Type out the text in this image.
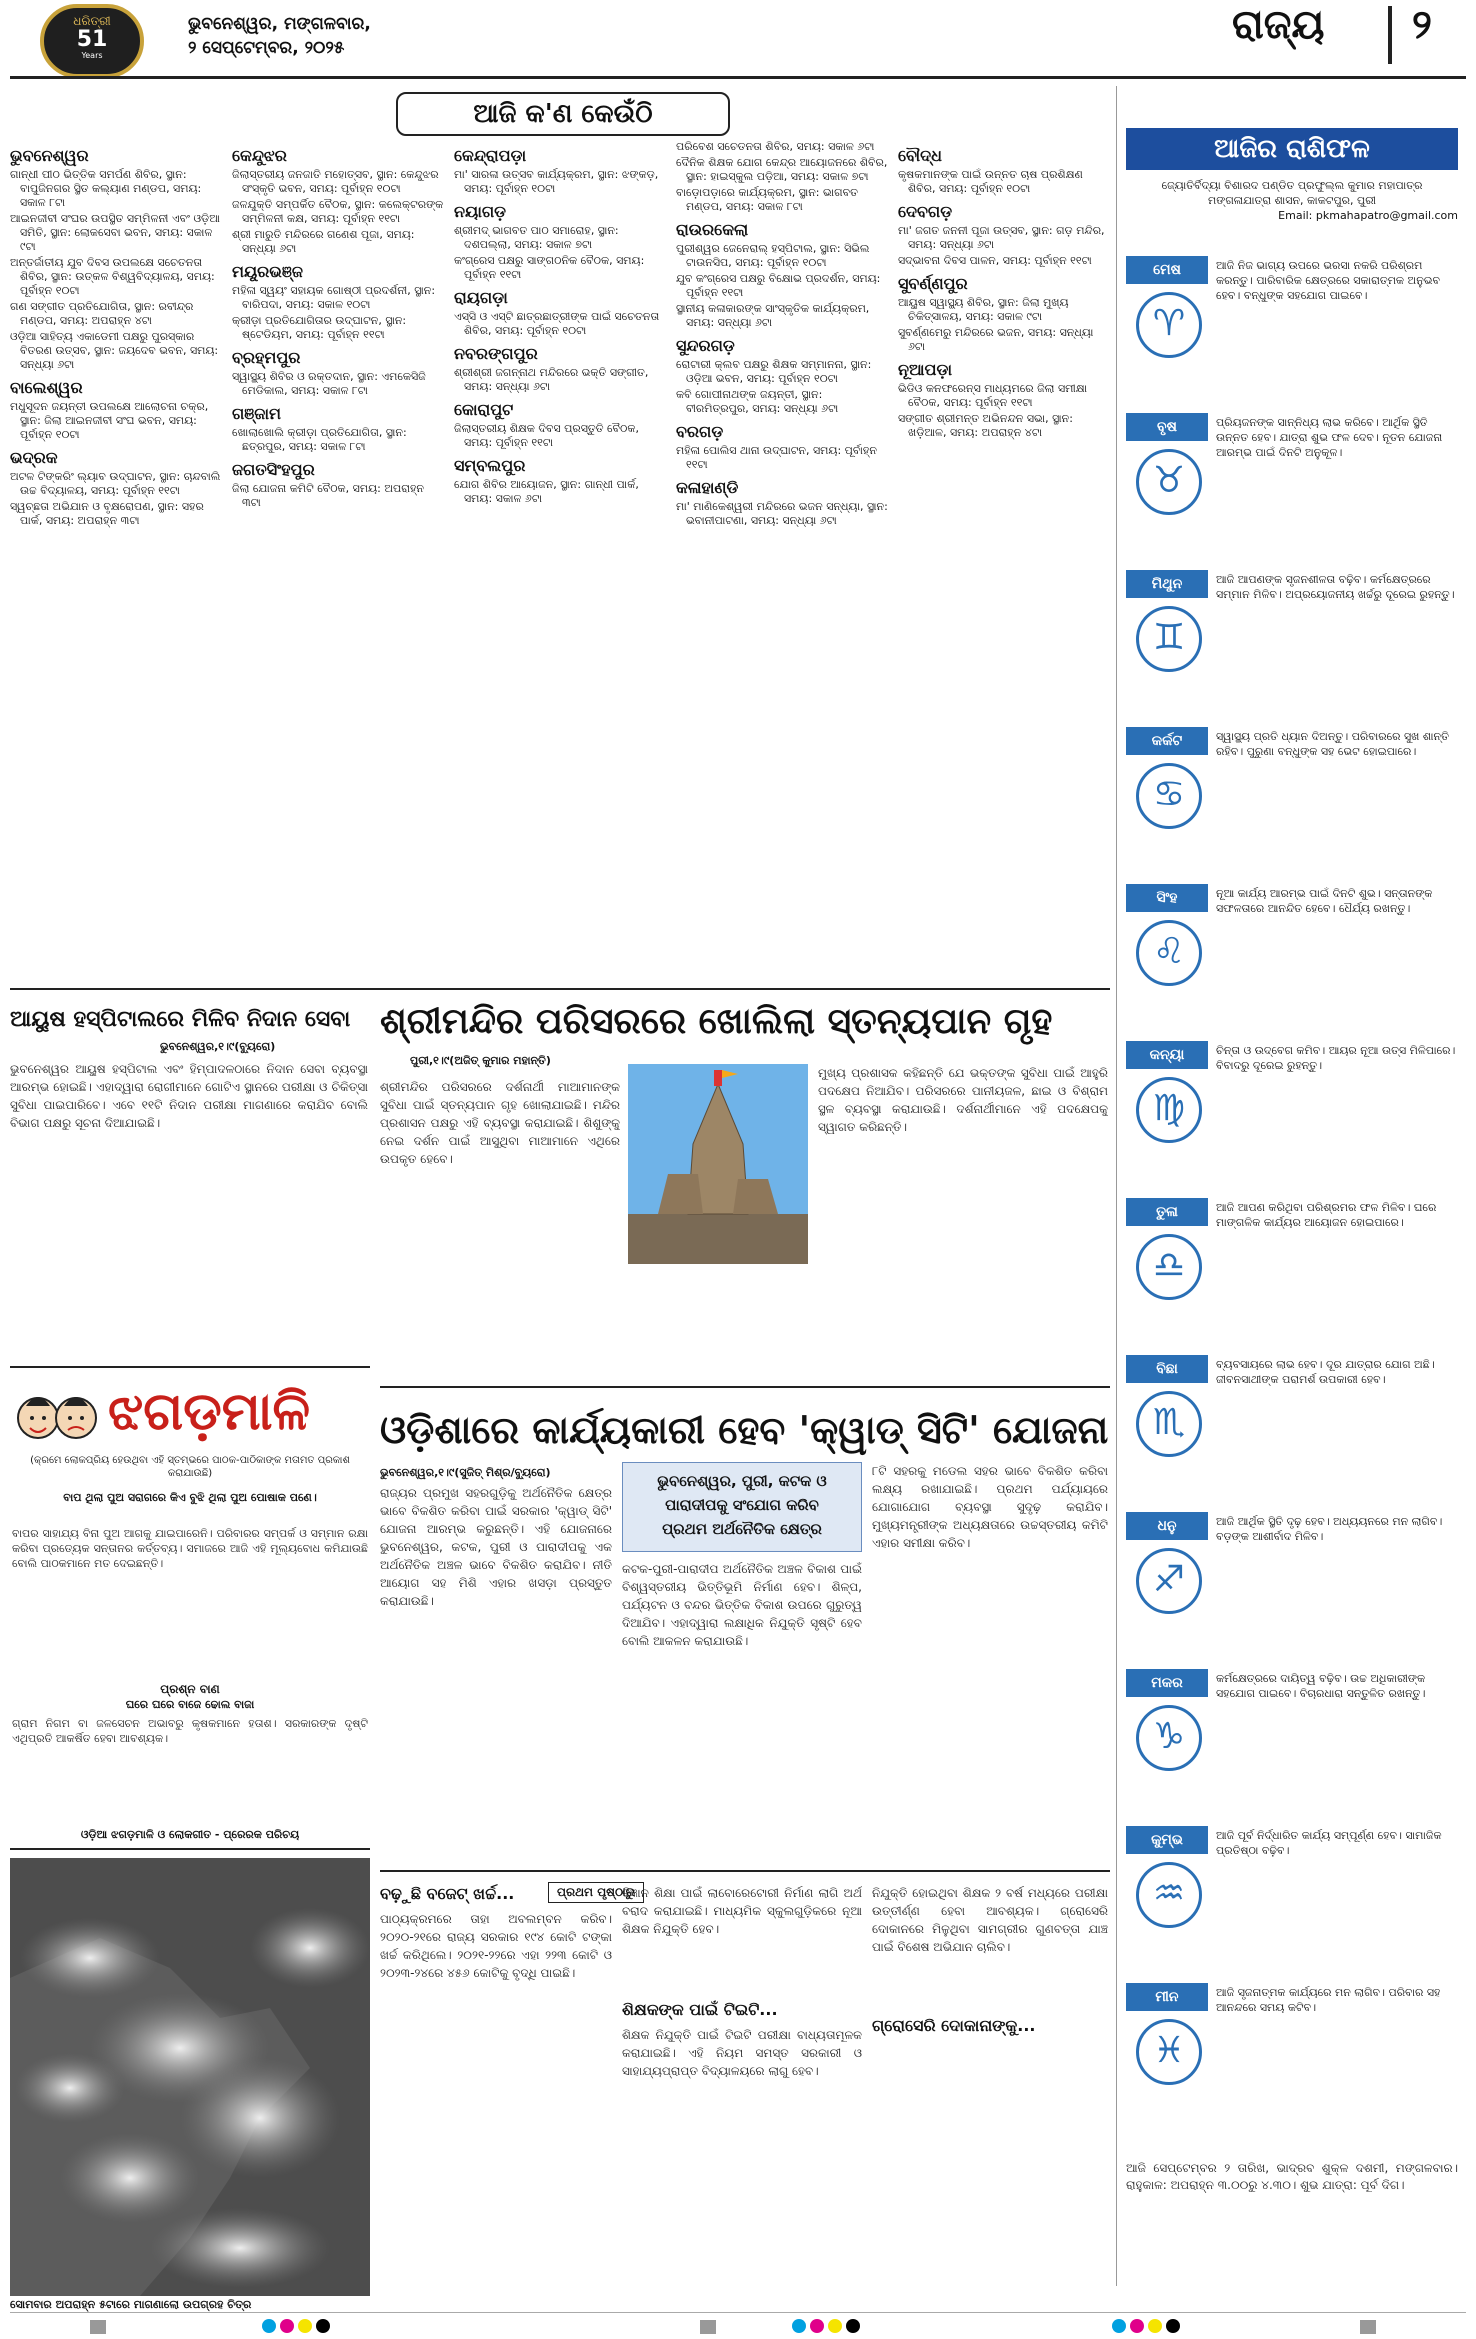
ଧରିତ୍ରୀ
51
Years
ଭୁବନେଶ୍ୱର, ମଙ୍ଗଳବାର,
୨ ସେପ୍ଟେମ୍ବର, ୨୦୨୫	ରାଜ୍ୟ ୨
ଆଜି କ'ଣ କେଉଁଠି
ଭୁବନେଶ୍ୱର
ଗାନ୍ଧୀ ପୀଠ ଭିତ୍ତିକ ସମର୍ପଣ ଶିବିର, ସ୍ଥାନ: ବାପୁଜିନଗର ସ୍ଥିତ କଲ୍ୟାଣ ମଣ୍ଡପ, ସମୟ: ସକାଳ ୮ଟା
ଆଇନଜୀବୀ ସଂଘର ଉପସ୍ଥିତ ସମ୍ମିଳନୀ ଏବଂ ଓଡ଼ିଆ ସମିତି, ସ୍ଥାନ: ଲୋକସେବା ଭବନ, ସମୟ: ସକାଳ ୯ଟା
ଅନ୍ତର୍ଜାତୀୟ ଯୁବ ଦିବସ ଉପଲକ୍ଷେ ସଚେତନତା ଶିବିର, ସ୍ଥାନ: ଉତ୍କଳ ବିଶ୍ୱବିଦ୍ୟାଳୟ, ସମୟ: ପୂର୍ବାହ୍ନ ୧୦ଟା
ଗଣ ସଙ୍ଗୀତ ପ୍ରତିଯୋଗିତା, ସ୍ଥାନ: ରବୀନ୍ଦ୍ର ମଣ୍ଡପ, ସମୟ: ଅପରାହ୍ନ ୪ଟା
ଓଡ଼ିଆ ସାହିତ୍ୟ ଏକାଡେମୀ ପକ୍ଷରୁ ପୁରସ୍କାର ବିତରଣ ଉତ୍ସବ, ସ୍ଥାନ: ଜୟଦେବ ଭବନ, ସମୟ: ସନ୍ଧ୍ୟା ୬ଟା
ବାଲେଶ୍ୱର
ମଧୁସୂଦନ ଜୟନ୍ତୀ ଉପଲକ୍ଷେ ଆଲୋଚନା ଚକ୍ର, ସ୍ଥାନ: ଜିଲା ଆଇନଜୀବୀ ସଂଘ ଭବନ, ସମୟ: ପୂର୍ବାହ୍ନ ୧୦ଟା
ଭଦ୍ରକ
ଅଟଳ ଟିଙ୍କରିଂ ଲ୍ୟାବ ଉଦ୍‌ଘାଟନ, ସ୍ଥାନ: ଚାନ୍ଦବାଲି ଉଚ୍ଚ ବିଦ୍ୟାଳୟ, ସମୟ: ପୂର୍ବାହ୍ନ ୧୧ଟା
ସ୍ୱଚ୍ଛତା ଅଭିଯାନ ଓ ବୃକ୍ଷରୋପଣ, ସ୍ଥାନ: ସହର ପାର୍କ, ସମୟ: ଅପରାହ୍ନ ୩ଟା
କେନ୍ଦୁଝର
ଜିଲାସ୍ତରୀୟ ଜନଜାତି ମହୋତ୍ସବ, ସ୍ଥାନ: କେନ୍ଦୁଝର ସଂସ୍କୃତି ଭବନ, ସମୟ: ପୂର୍ବାହ୍ନ ୧୦ଟା
ଜଳଯୁକ୍ତି ସମ୍ପର୍କିତ ବୈଠକ, ସ୍ଥାନ: କଲେକ୍ଟରଙ୍କ ସମ୍ମିଳନୀ କକ୍ଷ, ସମୟ: ପୂର୍ବାହ୍ନ ୧୧ଟା
ଶ୍ରୀ ମାରୁତି ମନ୍ଦିରରେ ଗଣେଶ ପୂଜା, ସମୟ: ସନ୍ଧ୍ୟା ୬ଟା
ମୟୂରଭଞ୍ଜ
ମହିଳା ସ୍ୱୟଂ ସହାୟକ ଗୋଷ୍ଠୀ ପ୍ରଦର୍ଶନୀ, ସ୍ଥାନ: ବାରିପଦା, ସମୟ: ସକାଳ ୧୦ଟା
କ୍ରୀଡ଼ା ପ୍ରତିଯୋଗିତାର ଉଦ୍‌ଘାଟନ, ସ୍ଥାନ: ଷ୍ଟେଡିୟମ, ସମୟ: ପୂର୍ବାହ୍ନ ୧୧ଟା
ବ୍ରହ୍ମପୁର
ସ୍ୱାସ୍ଥ୍ୟ ଶିବିର ଓ ରକ୍ତଦାନ, ସ୍ଥାନ: ଏମକେସିଜି ମେଡିକାଲ, ସମୟ: ସକାଳ ୮ଟା
ଗଞ୍ଜାମ
ଖୋଲାଖୋଲି କ୍ରୀଡ଼ା ପ୍ରତିଯୋଗିତା, ସ୍ଥାନ: ଛତ୍ରପୁର, ସମୟ: ସକାଳ ୮ଟା
ଜଗତସିଂହପୁର
ଜିଲା ଯୋଜନା କମିଟି ବୈଠକ, ସମୟ: ଅପରାହ୍ନ ୩ଟା
କେନ୍ଦ୍ରାପଡ଼ା
ମା' ସାରଳା ଉତ୍ସବ କାର୍ଯ୍ୟକ୍ରମ, ସ୍ଥାନ: ଝଙ୍କଡ଼, ସମୟ: ପୂର୍ବାହ୍ନ ୧୦ଟା
ନୟାଗଡ଼
ଶ୍ରୀମଦ୍ ଭାଗବତ ପାଠ ସମାରୋହ, ସ୍ଥାନ: ଦଶପଲ୍ଲା, ସମୟ: ସକାଳ ୭ଟା
କଂଗ୍ରେସ ପକ୍ଷରୁ ସାଙ୍ଗଠନିକ ବୈଠକ, ସମୟ: ପୂର୍ବାହ୍ନ ୧୧ଟା
ରାୟଗଡ଼ା
ଏସ୍‌ସି ଓ ଏସ୍‌ଟି ଛାତ୍ରଛାତ୍ରୀଙ୍କ ପାଇଁ ସଚେତନତା ଶିବିର, ସମୟ: ପୂର୍ବାହ୍ନ ୧୦ଟା
ନବରଙ୍ଗପୁର
ଶ୍ରୀଶ୍ରୀ ଜଗନ୍ନାଥ ମନ୍ଦିରରେ ଭକ୍ତି ସଙ୍ଗୀତ, ସମୟ: ସନ୍ଧ୍ୟା ୬ଟା
କୋରାପୁଟ
ଜିଲାସ୍ତରୀୟ ଶିକ୍ଷକ ଦିବସ ପ୍ରସ୍ତୁତି ବୈଠକ, ସମୟ: ପୂର୍ବାହ୍ନ ୧୧ଟା
ସମ୍ବଲପୁର
ଯୋଗ ଶିବିର ଆୟୋଜନ, ସ୍ଥାନ: ଗାନ୍ଧୀ ପାର୍କ, ସମୟ: ସକାଳ ୬ଟା
ପରିବେଶ ସଚେତନତା ଶିବିର, ସମୟ: ସକାଳ ୬ଟା
ଦୈନିକ ଶିକ୍ଷକ ଯୋଗ କେନ୍ଦ୍ର ଆୟୋଜନରେ ଶିବିର, ସ୍ଥାନ: ହାଇସ୍କୁଲ ପଡ଼ିଆ, ସମୟ: ସକାଳ ୭ଟା
ବାଡ଼ୋପଡ଼ାରେ କାର୍ଯ୍ୟକ୍ରମ, ସ୍ଥାନ: ଭାଗବତ ମଣ୍ଡପ, ସମୟ: ସକାଳ ୮ଟା
ରାଉରକେଲା
ପୁରୀଶ୍ୱର ଜେନେରାଲ୍ ହସ୍ପିଟାଲ, ସ୍ଥାନ: ସିଭିଲ ଟାଉନସିପ, ସମୟ: ପୂର୍ବାହ୍ନ ୧୦ଟା
ଯୁବ କଂଗ୍ରେସ ପକ୍ଷରୁ ବିକ୍ଷୋଭ ପ୍ରଦର୍ଶନ, ସମୟ: ପୂର୍ବାହ୍ନ ୧୧ଟା
ସ୍ଥାନୀୟ କଳାକାରଙ୍କ ସାଂସ୍କୃତିକ କାର୍ଯ୍ୟକ୍ରମ, ସମୟ: ସନ୍ଧ୍ୟା ୬ଟା
ସୁନ୍ଦରଗଡ଼
ରୋଟାରୀ କ୍ଲବ ପକ୍ଷରୁ ଶିକ୍ଷକ ସମ୍ମାନନା, ସ୍ଥାନ: ଓଡ଼ିଆ ଭବନ, ସମୟ: ପୂର୍ବାହ୍ନ ୧୦ଟା
କବି ଗୋପୀନାଥଙ୍କ ଜୟନ୍ତୀ, ସ୍ଥାନ: ବୀରମିତ୍ରପୁର, ସମୟ: ସନ୍ଧ୍ୟା ୬ଟା
ବରଗଡ଼
ମହିଳା ପୋଲିସ ଥାନା ଉଦ୍‌ଘାଟନ, ସମୟ: ପୂର୍ବାହ୍ନ ୧୧ଟା
କଳାହାଣ୍ଡି
ମା' ମାଣିକେଶ୍ୱରୀ ମନ୍ଦିରରେ ଭଜନ ସନ୍ଧ୍ୟା, ସ୍ଥାନ: ଭବାନୀପାଟଣା, ସମୟ: ସନ୍ଧ୍ୟା ୬ଟା
ବୌଦ୍ଧ
କୃଷକମାନଙ୍କ ପାଇଁ ଉନ୍ନତ ଚାଷ ପ୍ରଶିକ୍ଷଣ ଶିବିର, ସମୟ: ପୂର୍ବାହ୍ନ ୧୦ଟା
ଦେବଗଡ଼
ମା' ଜଗତ ଜନନୀ ପୂଜା ଉତ୍ସବ, ସ୍ଥାନ: ଗଡ଼ ମନ୍ଦିର, ସମୟ: ସନ୍ଧ୍ୟା ୬ଟା
ସଦ୍‌ଭାବନା ଦିବସ ପାଳନ, ସମୟ: ପୂର୍ବାହ୍ନ ୧୧ଟା
ସୁବର୍ଣ୍ଣପୁର
ଆୟୁଷ ସ୍ୱାସ୍ଥ୍ୟ ଶିବିର, ସ୍ଥାନ: ଜିଲା ମୁଖ୍ୟ ଚିକିତ୍ସାଳୟ, ସମୟ: ସକାଳ ୯ଟା
ସୁବର୍ଣ୍ଣମେରୁ ମନ୍ଦିରରେ ଭଜନ, ସମୟ: ସନ୍ଧ୍ୟା ୬ଟା
ନୂଆପଡ଼ା
ଭିଡିଓ କନଫରେନ୍ସ ମାଧ୍ୟମରେ ଜିଲା ସମୀକ୍ଷା ବୈଠକ, ସମୟ: ପୂର୍ବାହ୍ନ ୧୧ଟା
ସଙ୍ଗୀତ ଶ୍ରୀମନ୍ତ ଅଭିନନ୍ଦନ ସଭା, ସ୍ଥାନ: ଖଡ଼ିଆଳ, ସମୟ: ଅପରାହ୍ନ ୪ଟା
ଆଜିର ରାଶିଫଳ
ଜ୍ୟୋତିର୍ବିଦ୍ୟା ବିଶାରଦ ପଣ୍ଡିତ ପ୍ରଫୁଲ୍ଲ କୁମାର ମହାପାତ୍ର
ମଙ୍ଗଳାଯାତ୍ରା ଶାସନ, କାକଟପୁର, ପୁରୀ
Email: pkmahapatro@gmail.com
ମେଷ
♈
ଆଜି ନିଜ ଭାଗ୍ୟ ଉପରେ ଭରସା ନକରି ପରିଶ୍ରମ କରନ୍ତୁ। ପାରିବାରିକ କ୍ଷେତ୍ରରେ ସକାରାତ୍ମକ ଅନୁଭବ ହେବ। ବନ୍ଧୁଙ୍କ ସହଯୋଗ ପାଇବେ।
ବୃଷ
♉
ପ୍ରିୟଜନଙ୍କ ସାନ୍ନିଧ୍ୟ ଲାଭ କରିବେ। ଆର୍ଥିକ ସ୍ଥିତି ଉନ୍ନତ ହେବ। ଯାତ୍ରା ଶୁଭ ଫଳ ଦେବ। ନୂତନ ଯୋଜନା ଆରମ୍ଭ ପାଇଁ ଦିନଟି ଅନୁକୂଳ।
ମିଥୁନ
♊
ଆଜି ଆପଣଙ୍କ ସୃଜନଶୀଳତା ବଢ଼ିବ। କର୍ମକ୍ଷେତ୍ରରେ ସମ୍ମାନ ମିଳିବ। ଅପ୍ରୟୋଜନୀୟ ଖର୍ଚ୍ଚରୁ ଦୂରେଇ ରୁହନ୍ତୁ।
କର୍କଟ
♋
ସ୍ୱାସ୍ଥ୍ୟ ପ୍ରତି ଧ୍ୟାନ ଦିଅନ୍ତୁ। ପରିବାରରେ ସୁଖ ଶାନ୍ତି ରହିବ। ପୁରୁଣା ବନ୍ଧୁଙ୍କ ସହ ଭେଟ ହୋଇପାରେ।
ସିଂହ
♌
ନୂଆ କାର୍ଯ୍ୟ ଆରମ୍ଭ ପାଇଁ ଦିନଟି ଶୁଭ। ସନ୍ତାନଙ୍କ ସଫଳତାରେ ଆନନ୍ଦିତ ହେବେ। ଧୈର୍ଯ୍ୟ ରଖନ୍ତୁ।
କନ୍ୟା
♍
ଚିନ୍ତା ଓ ଉଦ୍‌ବେଗ କମିବ। ଆୟର ନୂଆ ଉତ୍ସ ମିଳିପାରେ। ବିବାଦରୁ ଦୂରେଇ ରୁହନ୍ତୁ।
ତୁଳା
♎
ଆଜି ଆପଣ କରିଥିବା ପରିଶ୍ରମର ଫଳ ମିଳିବ। ଘରେ ମାଙ୍ଗଳିକ କାର୍ଯ୍ୟର ଆୟୋଜନ ହୋଇପାରେ।
ବିଛା
♏
ବ୍ୟବସାୟରେ ଲାଭ ହେବ। ଦୂର ଯାତ୍ରାର ଯୋଗ ଅଛି। ଜୀବନସାଥୀଙ୍କ ପରାମର୍ଶ ଉପକାରୀ ହେବ।
ଧନୁ
♐
ଆଜି ଆର୍ଥିକ ସ୍ଥିତି ଦୃଢ଼ ହେବ। ଅଧ୍ୟୟନରେ ମନ ଲାଗିବ। ବଡ଼ଙ୍କ ଆଶୀର୍ବାଦ ମିଳିବ।
ମକର
♑
କର୍ମକ୍ଷେତ୍ରରେ ଦାୟିତ୍ୱ ବଢ଼ିବ। ଉଚ୍ଚ ଅଧିକାରୀଙ୍କ ସହଯୋଗ ପାଇବେ। ବିଚାରଧାରା ସନ୍ତୁଳିତ ରଖନ୍ତୁ।
କୁମ୍ଭ
♒
ଆଜି ପୂର୍ବ ନିର୍ଦ୍ଧାରିତ କାର୍ଯ୍ୟ ସମ୍ପୂର୍ଣ୍ଣ ହେବ। ସାମାଜିକ ପ୍ରତିଷ୍ଠା ବଢ଼ିବ।
ମୀନ
♓
ଆଜି ସୃଜନାତ୍ମକ କାର୍ଯ୍ୟରେ ମନ ଲାଗିବ। ପରିବାର ସହ ଆନନ୍ଦରେ ସମୟ କଟିବ।
ଆଜି ସେପ୍ଟେମ୍ବର ୨ ତାରିଖ, ଭାଦ୍ରବ ଶୁକ୍ଳ ଦଶମୀ, ମଙ୍ଗଳବାର। ରାହୁକାଳ: ଅପରାହ୍ନ ୩.୦୦ରୁ ୪.୩୦। ଶୁଭ ଯାତ୍ରା: ପୂର୍ବ ଦିଗ।
ଆୟୁଷ ହସ୍ପିଟାଲରେ ମିଳିବ ନିଦାନ ସେବା
ଭୁବନେଶ୍ୱର,୧।୯(ବ୍ୟୁରୋ)
ଭୁବନେଶ୍ୱର ଆୟୁଷ ହସ୍ପିଟାଲ ଏବଂ ହିମ୍ପାଦଳଠାରେ ନିଦାନ ସେବା ବ୍ୟବସ୍ଥା ଆରମ୍ଭ ହୋଇଛି। ଏହାଦ୍ୱାରା ରୋଗୀମାନେ ଗୋଟିଏ ସ୍ଥାନରେ ପରୀକ୍ଷା ଓ ଚିକିତ୍ସା ସୁବିଧା ପାଇପାରିବେ। ଏବେ ୧୧ଟି ନିଦାନ ପରୀକ୍ଷା ମାଗଣାରେ କରାଯିବ ବୋଲି ବିଭାଗ ପକ୍ଷରୁ ସୂଚନା ଦିଆଯାଇଛି।
ଝଗଡ଼ମାଳି
(କ୍ରମେ ଲୋକପ୍ରିୟ ହେଉଥିବା ଏହି ସ୍ତମ୍ଭରେ ପାଠକ-ପାଠିକାଙ୍କ ମତାମତ ପ୍ରକାଶ କରାଯାଉଛି)
ବାପ ଥିଲା ପୁଅ ସରାଗରେ କିଏ ବୁଝି ଥିଲା ପୁଅ ପୋଷାକ ପଣେ।
ବାପର ସାହାଯ୍ୟ ବିନା ପୁଅ ଆଗକୁ ଯାଇପାରେନି। ପରିବାରର ସମ୍ପର୍କ ଓ ସମ୍ମାନ ରକ୍ଷା କରିବା ପ୍ରତ୍ୟେକ ସନ୍ତାନର କର୍ତ୍ତବ୍ୟ। ସମାଜରେ ଆଜି ଏହି ମୂଲ୍ୟବୋଧ କମିଯାଉଛି ବୋଲି ପାଠକମାନେ ମତ ଦେଇଛନ୍ତି।
ପ୍ରଶ୍ନ ବାଣ
ଘରେ ଘରେ ବାଜେ ଢୋଲ ବାଜା
ଗ୍ରାମ ନିଗମ ବା ଜଳସେଚନ ଅଭାବରୁ କୃଷକମାନେ ହତାଶ। ସରକାରଙ୍କ ଦୃଷ୍ଟି ଏଥିପ୍ରତି ଆକର୍ଷିତ ହେବା ଆବଶ୍ୟକ।
ଓଡ଼ିଆ ଝଗଡ଼ମାଳି ଓ ଲୋକଗୀତ - ପ୍ରେରକ ପରିଚୟ
ସୋମବାର ଅପରାହ୍ନ ୫ଟାରେ ମାଗଣାଲୋ ଉପଗ୍ରହ ଚିତ୍ର
ଶ୍ରୀମନ୍ଦିର ପରିସରରେ ଖୋଲିଲା ସ୍ତନ୍ୟପାନ ଗୃହ
ପୁରୀ,୧।୯(ଅଜିତ୍ କୁମାର ମହାନ୍ତି)
ଶ୍ରୀମନ୍ଦିର ପରିସରରେ ଦର୍ଶନାର୍ଥୀ ମାଆମାନଙ୍କ ସୁବିଧା ପାଇଁ ସ୍ତନ୍ୟପାନ ଗୃହ ଖୋଲାଯାଇଛି। ମନ୍ଦିର ପ୍ରଶାସନ ପକ୍ଷରୁ ଏହି ବ୍ୟବସ୍ଥା କରାଯାଇଛି। ଶିଶୁଙ୍କୁ ନେଇ ଦର୍ଶନ ପାଇଁ ଆସୁଥିବା ମାଆମାନେ ଏଥିରେ ଉପକୃତ ହେବେ।
ମୁଖ୍ୟ ପ୍ରଶାସକ କହିଛନ୍ତି ଯେ ଭକ୍ତଙ୍କ ସୁବିଧା ପାଇଁ ଆହୁରି ପଦକ୍ଷେପ ନିଆଯିବ। ପରିସରରେ ପାନୀୟଜଳ, ଛାଇ ଓ ବିଶ୍ରାମ ସ୍ଥଳ ବ୍ୟବସ୍ଥା କରାଯାଉଛି। ଦର୍ଶନାର୍ଥୀମାନେ ଏହି ପଦକ୍ଷେପକୁ ସ୍ୱାଗତ କରିଛନ୍ତି।
ଓଡ଼ିଶାରେ କାର୍ଯ୍ୟକାରୀ ହେବ 'କ୍ୱାଡ୍ ସିଟି' ଯୋଜନା
ଭୁବନେଶ୍ୱର,୧।୯(ସୁଜିତ୍ ମିଶ୍ର/ବ୍ୟୁରୋ)
ରାଜ୍ୟର ପ୍ରମୁଖ ସହରଗୁଡ଼ିକୁ ଅର୍ଥନୈତିକ କ୍ଷେତ୍ର ଭାବେ ବିକଶିତ କରିବା ପାଇଁ ସରକାର 'କ୍ୱାଡ୍ ସିଟି' ଯୋଜନା ଆରମ୍ଭ କରୁଛନ୍ତି। ଏହି ଯୋଜନାରେ ଭୁବନେଶ୍ୱର, କଟକ, ପୁରୀ ଓ ପାରାଦୀପକୁ ଏକ ଅର୍ଥନୈତିକ ଅଞ୍ଚଳ ଭାବେ ବିକଶିତ କରାଯିବ। ନୀତି ଆୟୋଗ ସହ ମିଶି ଏହାର ଖସଡ଼ା ପ୍ରସ୍ତୁତ କରାଯାଉଛି।
ଭୁବନେଶ୍ୱର, ପୁରୀ, କଟକ ଓ
ପାରାଦୀପକୁ ସଂଯୋଗ କରିବ
ପ୍ରଥମ ଅର୍ଥନୈତିକ କ୍ଷେତ୍ର
କଟକ-ପୁରୀ-ପାରାଦୀପ ଅର୍ଥନୈତିକ ଅଞ୍ଚଳ ବିକାଶ ପାଇଁ ବିଶ୍ୱସ୍ତରୀୟ ଭିତ୍ତିଭୂମି ନିର୍ମାଣ ହେବ। ଶିଳ୍ପ, ପର୍ଯ୍ୟଟନ ଓ ବନ୍ଦର ଭିତ୍ତିକ ବିକାଶ ଉପରେ ଗୁରୁତ୍ୱ ଦିଆଯିବ। ଏହାଦ୍ୱାରା ଲକ୍ଷାଧିକ ନିଯୁକ୍ତି ସୃଷ୍ଟି ହେବ ବୋଲି ଆକଳନ କରାଯାଉଛି।
୮ଟି ସହରକୁ ମଡେଲ ସହର ଭାବେ ବିକଶିତ କରିବା ଲକ୍ଷ୍ୟ ରଖାଯାଇଛି। ପ୍ରଥମ ପର୍ଯ୍ୟାୟରେ ଯୋଗାଯୋଗ ବ୍ୟବସ୍ଥା ସୁଦୃଢ଼ କରାଯିବ। ମୁଖ୍ୟମନ୍ତ୍ରୀଙ୍କ ଅଧ୍ୟକ୍ଷତାରେ ଉଚ୍ଚସ୍ତରୀୟ କମିଟି ଏହାର ସମୀକ୍ଷା କରିବ।
ବଢ଼ୁଛି ବଜେଟ୍ ଖର୍ଚ୍ଚ...	ପ୍ରଥମ ପୃଷ୍ଠାରୁ
ପାଠ୍ୟକ୍ରମରେ ତାହା ଅବଲମ୍ବନ କରିବ। ୨୦୨୦-୨୧ରେ ରାଜ୍ୟ ସରକାର ୧୯୪ କୋଟି ଟଙ୍କା ଖର୍ଚ୍ଚ କରିଥିଲେ। ୨୦୨୧-୨୨ରେ ଏହା ୨୨୩ କୋଟି ଓ ୨୦୨୩-୨୪ରେ ୪୫୬ କୋଟିକୁ ବୃଦ୍ଧି ପାଇଛି।
ବିଜ୍ଞାନ ଶିକ୍ଷା ପାଇଁ ଲାବୋରେଟୋରୀ ନିର୍ମାଣ ଲାଗି ଅର୍ଥ ବରାଦ କରାଯାଇଛି। ମାଧ୍ୟମିକ ସ୍କୁଲଗୁଡ଼ିକରେ ନୂଆ ଶିକ୍ଷକ ନିଯୁକ୍ତି ହେବ।
ଶିକ୍ଷକଙ୍କ ପାଇଁ ଟିଇଟି...
ଶିକ୍ଷକ ନିଯୁକ୍ତି ପାଇଁ ଟିଇଟି ପରୀକ୍ଷା ବାଧ୍ୟତାମୂଳକ କରାଯାଇଛି। ଏହି ନିୟମ ସମସ୍ତ ସରକାରୀ ଓ ସାହାଯ୍ୟପ୍ରାପ୍ତ ବିଦ୍ୟାଳୟରେ ଲାଗୁ ହେବ।
ଗ୍ରୋସେରି ଦୋକାନାଙ୍କୁ...
ନିଯୁକ୍ତି ହୋଇଥିବା ଶିକ୍ଷକ ୨ ବର୍ଷ ମଧ୍ୟରେ ପରୀକ୍ଷା ଉତ୍ତୀର୍ଣ୍ଣ ହେବା ଆବଶ୍ୟକ। ଗ୍ରୋସେରି ଦୋକାନରେ ମିଳୁଥିବା ସାମଗ୍ରୀର ଗୁଣବତ୍ତା ଯାଞ୍ଚ ପାଇଁ ବିଶେଷ ଅଭିଯାନ ଚାଲିବ।
